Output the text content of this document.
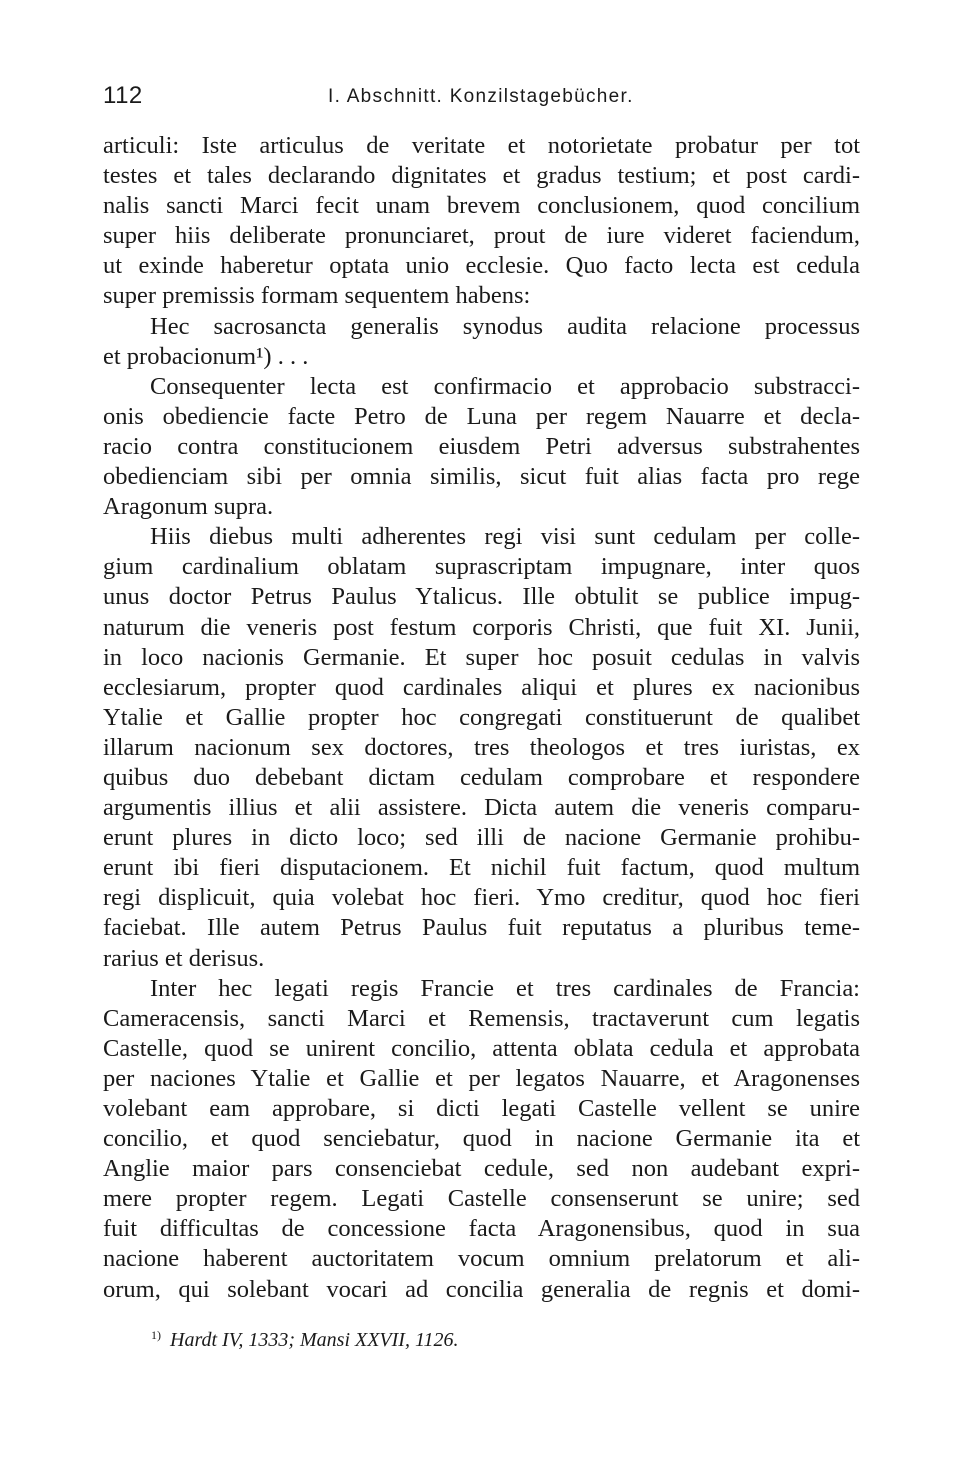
112	I. Abschnitt. Konzilstagebücher.
articuli: Iste articulus de veritate et notorietate probatur per tot
testes et tales declarando dignitates et gradus testium; et post cardi-
nalis sancti Marci fecit unam brevem conclusionem, quod concilium
super hiis deliberate pronunciaret, prout de iure videret faciendum,
ut exinde haberetur optata unio ecclesie. Quo facto lecta est cedula
super premissis formam sequentem habens:
Hec sacrosancta generalis synodus audita relacione processus
et probacionum¹) . . .
Consequenter lecta est confirmacio et approbacio substracci-
onis obediencie facte Petro de Luna per regem Nauarre et decla-
racio contra constitucionem eiusdem Petri adversus substrahentes
obedienciam sibi per omnia similis, sicut fuit alias facta pro rege
Aragonum supra.
Hiis diebus multi adherentes regi visi sunt cedulam per colle-
gium cardinalium oblatam suprascriptam impugnare, inter quos
unus doctor Petrus Paulus Ytalicus. Ille obtulit se publice impug-
naturum die veneris post festum corporis Christi, que fuit XI. Junii,
in loco nacionis Germanie. Et super hoc posuit cedulas in valvis
ecclesiarum, propter quod cardinales aliqui et plures ex nacionibus
Ytalie et Gallie propter hoc congregati constituerunt de qualibet
illarum nacionum sex doctores, tres theologos et tres iuristas, ex
quibus duo debebant dictam cedulam comprobare et respondere
argumentis illius et alii assistere. Dicta autem die veneris comparu-
erunt plures in dicto loco; sed illi de nacione Germanie prohibu-
erunt ibi fieri disputacionem. Et nichil fuit factum, quod multum
regi displicuit, quia volebat hoc fieri. Ymo creditur, quod hoc fieri
faciebat. Ille autem Petrus Paulus fuit reputatus a pluribus teme-
rarius et derisus.
Inter hec legati regis Francie et tres cardinales de Francia:
Cameracensis, sancti Marci et Remensis, tractaverunt cum legatis
Castelle, quod se unirent concilio, attenta oblata cedula et approbata
per naciones Ytalie et Gallie et per legatos Nauarre, et Aragonenses
volebant eam approbare, si dicti legati Castelle vellent se unire
concilio, et quod senciebatur, quod in nacione Germanie ita et
Anglie maior pars consenciebat cedule, sed non audebant expri-
mere propter regem. Legati Castelle consenserunt se unire; sed
fuit difficultas de concessione facta Aragonensibus, quod in sua
nacione haberent auctoritatem vocum omnium prelatorum et ali-
orum, qui solebant vocari ad concilia generalia de regnis et domi-
$^{1)}$ Hardt IV, 1333; Mansi XXVII, 1126.
